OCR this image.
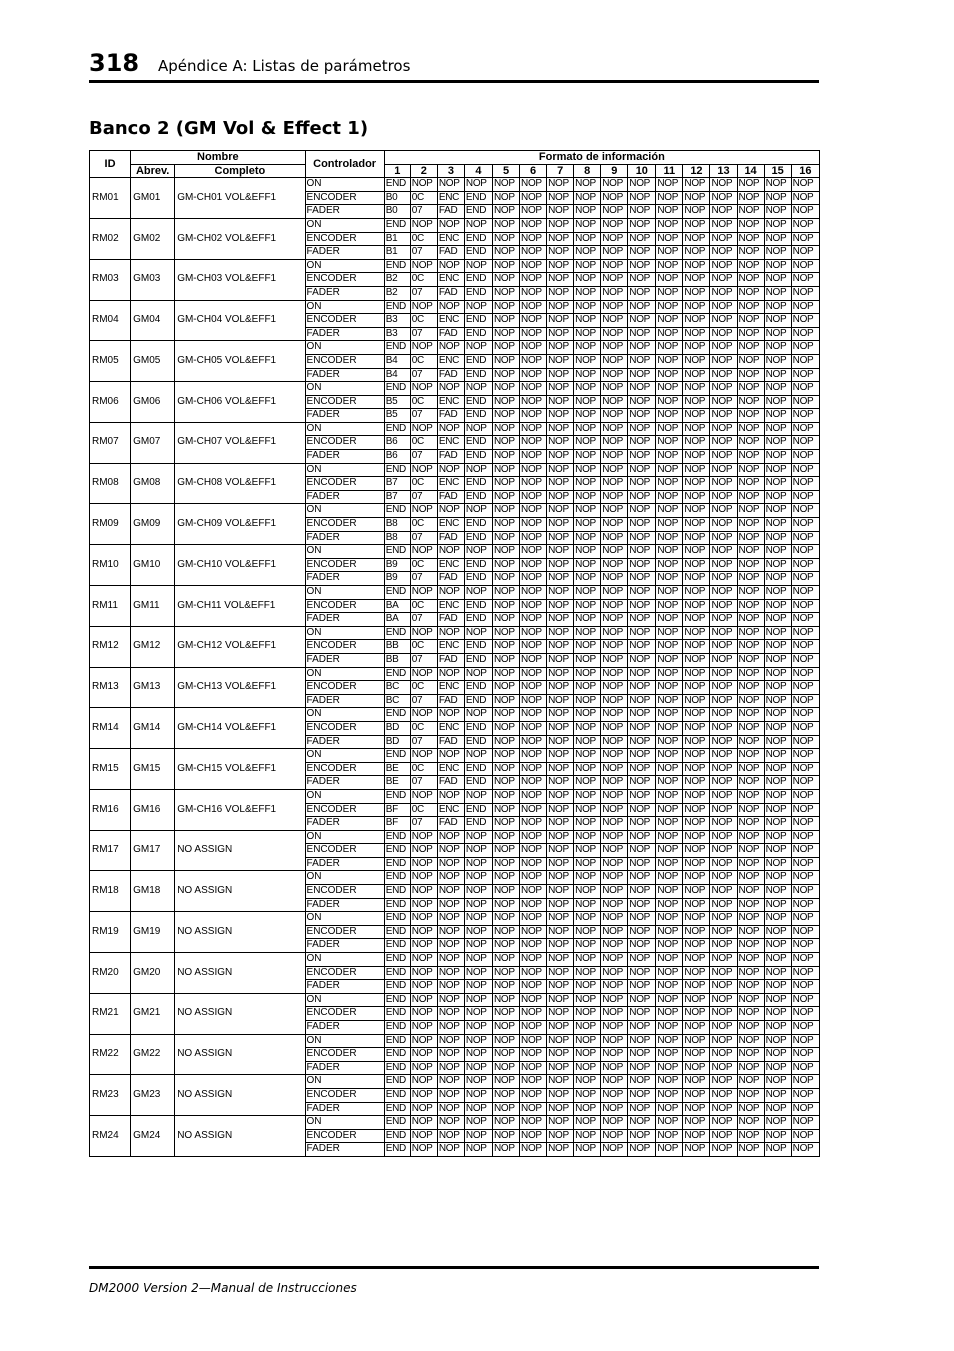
318 Apéndice A: Listas de parámetros
Banco 2 (GM Vol & Effect 1)
ID	Nombre		Controlador	Formato de información															
	Abrev.	Completo		1	2	3	4	5	6	7	8	9	10	11	12	13	14	15	16
RM01	GM01	GM-CH01 VOL&EFF1	ON	END	NOP	NOP	NOP	NOP	NOP	NOP	NOP	NOP	NOP	NOP	NOP	NOP	NOP	NOP	NOP
			ENCODER	B0	0C	ENC	END	NOP	NOP	NOP	NOP	NOP	NOP	NOP	NOP	NOP	NOP	NOP	NOP
			FADER	B0	07	FAD	END	NOP	NOP	NOP	NOP	NOP	NOP	NOP	NOP	NOP	NOP	NOP	NOP
RM02	GM02	GM-CH02 VOL&EFF1	ON	END	NOP	NOP	NOP	NOP	NOP	NOP	NOP	NOP	NOP	NOP	NOP	NOP	NOP	NOP	NOP
			ENCODER	B1	0C	ENC	END	NOP	NOP	NOP	NOP	NOP	NOP	NOP	NOP	NOP	NOP	NOP	NOP
			FADER	B1	07	FAD	END	NOP	NOP	NOP	NOP	NOP	NOP	NOP	NOP	NOP	NOP	NOP	NOP
RM03	GM03	GM-CH03 VOL&EFF1	ON	END	NOP	NOP	NOP	NOP	NOP	NOP	NOP	NOP	NOP	NOP	NOP	NOP	NOP	NOP	NOP
			ENCODER	B2	0C	ENC	END	NOP	NOP	NOP	NOP	NOP	NOP	NOP	NOP	NOP	NOP	NOP	NOP
			FADER	B2	07	FAD	END	NOP	NOP	NOP	NOP	NOP	NOP	NOP	NOP	NOP	NOP	NOP	NOP
RM04	GM04	GM-CH04 VOL&EFF1	ON	END	NOP	NOP	NOP	NOP	NOP	NOP	NOP	NOP	NOP	NOP	NOP	NOP	NOP	NOP	NOP
			ENCODER	B3	0C	ENC	END	NOP	NOP	NOP	NOP	NOP	NOP	NOP	NOP	NOP	NOP	NOP	NOP
			FADER	B3	07	FAD	END	NOP	NOP	NOP	NOP	NOP	NOP	NOP	NOP	NOP	NOP	NOP	NOP
RM05	GM05	GM-CH05 VOL&EFF1	ON	END	NOP	NOP	NOP	NOP	NOP	NOP	NOP	NOP	NOP	NOP	NOP	NOP	NOP	NOP	NOP
			ENCODER	B4	0C	ENC	END	NOP	NOP	NOP	NOP	NOP	NOP	NOP	NOP	NOP	NOP	NOP	NOP
			FADER	B4	07	FAD	END	NOP	NOP	NOP	NOP	NOP	NOP	NOP	NOP	NOP	NOP	NOP	NOP
RM06	GM06	GM-CH06 VOL&EFF1	ON	END	NOP	NOP	NOP	NOP	NOP	NOP	NOP	NOP	NOP	NOP	NOP	NOP	NOP	NOP	NOP
			ENCODER	B5	0C	ENC	END	NOP	NOP	NOP	NOP	NOP	NOP	NOP	NOP	NOP	NOP	NOP	NOP
			FADER	B5	07	FAD	END	NOP	NOP	NOP	NOP	NOP	NOP	NOP	NOP	NOP	NOP	NOP	NOP
RM07	GM07	GM-CH07 VOL&EFF1	ON	END	NOP	NOP	NOP	NOP	NOP	NOP	NOP	NOP	NOP	NOP	NOP	NOP	NOP	NOP	NOP
			ENCODER	B6	0C	ENC	END	NOP	NOP	NOP	NOP	NOP	NOP	NOP	NOP	NOP	NOP	NOP	NOP
			FADER	B6	07	FAD	END	NOP	NOP	NOP	NOP	NOP	NOP	NOP	NOP	NOP	NOP	NOP	NOP
RM08	GM08	GM-CH08 VOL&EFF1	ON	END	NOP	NOP	NOP	NOP	NOP	NOP	NOP	NOP	NOP	NOP	NOP	NOP	NOP	NOP	NOP
			ENCODER	B7	0C	ENC	END	NOP	NOP	NOP	NOP	NOP	NOP	NOP	NOP	NOP	NOP	NOP	NOP
			FADER	B7	07	FAD	END	NOP	NOP	NOP	NOP	NOP	NOP	NOP	NOP	NOP	NOP	NOP	NOP
RM09	GM09	GM-CH09 VOL&EFF1	ON	END	NOP	NOP	NOP	NOP	NOP	NOP	NOP	NOP	NOP	NOP	NOP	NOP	NOP	NOP	NOP
			ENCODER	B8	0C	ENC	END	NOP	NOP	NOP	NOP	NOP	NOP	NOP	NOP	NOP	NOP	NOP	NOP
			FADER	B8	07	FAD	END	NOP	NOP	NOP	NOP	NOP	NOP	NOP	NOP	NOP	NOP	NOP	NOP
RM10	GM10	GM-CH10 VOL&EFF1	ON	END	NOP	NOP	NOP	NOP	NOP	NOP	NOP	NOP	NOP	NOP	NOP	NOP	NOP	NOP	NOP
			ENCODER	B9	0C	ENC	END	NOP	NOP	NOP	NOP	NOP	NOP	NOP	NOP	NOP	NOP	NOP	NOP
			FADER	B9	07	FAD	END	NOP	NOP	NOP	NOP	NOP	NOP	NOP	NOP	NOP	NOP	NOP	NOP
RM11	GM11	GM-CH11 VOL&EFF1	ON	END	NOP	NOP	NOP	NOP	NOP	NOP	NOP	NOP	NOP	NOP	NOP	NOP	NOP	NOP	NOP
			ENCODER	BA	0C	ENC	END	NOP	NOP	NOP	NOP	NOP	NOP	NOP	NOP	NOP	NOP	NOP	NOP
			FADER	BA	07	FAD	END	NOP	NOP	NOP	NOP	NOP	NOP	NOP	NOP	NOP	NOP	NOP	NOP
RM12	GM12	GM-CH12 VOL&EFF1	ON	END	NOP	NOP	NOP	NOP	NOP	NOP	NOP	NOP	NOP	NOP	NOP	NOP	NOP	NOP	NOP
			ENCODER	BB	0C	ENC	END	NOP	NOP	NOP	NOP	NOP	NOP	NOP	NOP	NOP	NOP	NOP	NOP
			FADER	BB	07	FAD	END	NOP	NOP	NOP	NOP	NOP	NOP	NOP	NOP	NOP	NOP	NOP	NOP
RM13	GM13	GM-CH13 VOL&EFF1	ON	END	NOP	NOP	NOP	NOP	NOP	NOP	NOP	NOP	NOP	NOP	NOP	NOP	NOP	NOP	NOP
			ENCODER	BC	0C	ENC	END	NOP	NOP	NOP	NOP	NOP	NOP	NOP	NOP	NOP	NOP	NOP	NOP
			FADER	BC	07	FAD	END	NOP	NOP	NOP	NOP	NOP	NOP	NOP	NOP	NOP	NOP	NOP	NOP
RM14	GM14	GM-CH14 VOL&EFF1	ON	END	NOP	NOP	NOP	NOP	NOP	NOP	NOP	NOP	NOP	NOP	NOP	NOP	NOP	NOP	NOP
			ENCODER	BD	0C	ENC	END	NOP	NOP	NOP	NOP	NOP	NOP	NOP	NOP	NOP	NOP	NOP	NOP
			FADER	BD	07	FAD	END	NOP	NOP	NOP	NOP	NOP	NOP	NOP	NOP	NOP	NOP	NOP	NOP
RM15	GM15	GM-CH15 VOL&EFF1	ON	END	NOP	NOP	NOP	NOP	NOP	NOP	NOP	NOP	NOP	NOP	NOP	NOP	NOP	NOP	NOP
			ENCODER	BE	0C	ENC	END	NOP	NOP	NOP	NOP	NOP	NOP	NOP	NOP	NOP	NOP	NOP	NOP
			FADER	BE	07	FAD	END	NOP	NOP	NOP	NOP	NOP	NOP	NOP	NOP	NOP	NOP	NOP	NOP
RM16	GM16	GM-CH16 VOL&EFF1	ON	END	NOP	NOP	NOP	NOP	NOP	NOP	NOP	NOP	NOP	NOP	NOP	NOP	NOP	NOP	NOP
			ENCODER	BF	0C	ENC	END	NOP	NOP	NOP	NOP	NOP	NOP	NOP	NOP	NOP	NOP	NOP	NOP
			FADER	BF	07	FAD	END	NOP	NOP	NOP	NOP	NOP	NOP	NOP	NOP	NOP	NOP	NOP	NOP
RM17	GM17	NO ASSIGN	ON	END	NOP	NOP	NOP	NOP	NOP	NOP	NOP	NOP	NOP	NOP	NOP	NOP	NOP	NOP	NOP
			ENCODER	END	NOP	NOP	NOP	NOP	NOP	NOP	NOP	NOP	NOP	NOP	NOP	NOP	NOP	NOP	NOP
			FADER	END	NOP	NOP	NOP	NOP	NOP	NOP	NOP	NOP	NOP	NOP	NOP	NOP	NOP	NOP	NOP
RM18	GM18	NO ASSIGN	ON	END	NOP	NOP	NOP	NOP	NOP	NOP	NOP	NOP	NOP	NOP	NOP	NOP	NOP	NOP	NOP
			ENCODER	END	NOP	NOP	NOP	NOP	NOP	NOP	NOP	NOP	NOP	NOP	NOP	NOP	NOP	NOP	NOP
			FADER	END	NOP	NOP	NOP	NOP	NOP	NOP	NOP	NOP	NOP	NOP	NOP	NOP	NOP	NOP	NOP
RM19	GM19	NO ASSIGN	ON	END	NOP	NOP	NOP	NOP	NOP	NOP	NOP	NOP	NOP	NOP	NOP	NOP	NOP	NOP	NOP
			ENCODER	END	NOP	NOP	NOP	NOP	NOP	NOP	NOP	NOP	NOP	NOP	NOP	NOP	NOP	NOP	NOP
			FADER	END	NOP	NOP	NOP	NOP	NOP	NOP	NOP	NOP	NOP	NOP	NOP	NOP	NOP	NOP	NOP
RM20	GM20	NO ASSIGN	ON	END	NOP	NOP	NOP	NOP	NOP	NOP	NOP	NOP	NOP	NOP	NOP	NOP	NOP	NOP	NOP
			ENCODER	END	NOP	NOP	NOP	NOP	NOP	NOP	NOP	NOP	NOP	NOP	NOP	NOP	NOP	NOP	NOP
			FADER	END	NOP	NOP	NOP	NOP	NOP	NOP	NOP	NOP	NOP	NOP	NOP	NOP	NOP	NOP	NOP
RM21	GM21	NO ASSIGN	ON	END	NOP	NOP	NOP	NOP	NOP	NOP	NOP	NOP	NOP	NOP	NOP	NOP	NOP	NOP	NOP
			ENCODER	END	NOP	NOP	NOP	NOP	NOP	NOP	NOP	NOP	NOP	NOP	NOP	NOP	NOP	NOP	NOP
			FADER	END	NOP	NOP	NOP	NOP	NOP	NOP	NOP	NOP	NOP	NOP	NOP	NOP	NOP	NOP	NOP
RM22	GM22	NO ASSIGN	ON	END	NOP	NOP	NOP	NOP	NOP	NOP	NOP	NOP	NOP	NOP	NOP	NOP	NOP	NOP	NOP
			ENCODER	END	NOP	NOP	NOP	NOP	NOP	NOP	NOP	NOP	NOP	NOP	NOP	NOP	NOP	NOP	NOP
			FADER	END	NOP	NOP	NOP	NOP	NOP	NOP	NOP	NOP	NOP	NOP	NOP	NOP	NOP	NOP	NOP
RM23	GM23	NO ASSIGN	ON	END	NOP	NOP	NOP	NOP	NOP	NOP	NOP	NOP	NOP	NOP	NOP	NOP	NOP	NOP	NOP
			ENCODER	END	NOP	NOP	NOP	NOP	NOP	NOP	NOP	NOP	NOP	NOP	NOP	NOP	NOP	NOP	NOP
			FADER	END	NOP	NOP	NOP	NOP	NOP	NOP	NOP	NOP	NOP	NOP	NOP	NOP	NOP	NOP	NOP
RM24	GM24	NO ASSIGN	ON	END	NOP	NOP	NOP	NOP	NOP	NOP	NOP	NOP	NOP	NOP	NOP	NOP	NOP	NOP	NOP
			ENCODER	END	NOP	NOP	NOP	NOP	NOP	NOP	NOP	NOP	NOP	NOP	NOP	NOP	NOP	NOP	NOP
			FADER	END	NOP	NOP	NOP	NOP	NOP	NOP	NOP	NOP	NOP	NOP	NOP	NOP	NOP	NOP	NOP
DM2000 Version 2—Manual de Instrucciones
